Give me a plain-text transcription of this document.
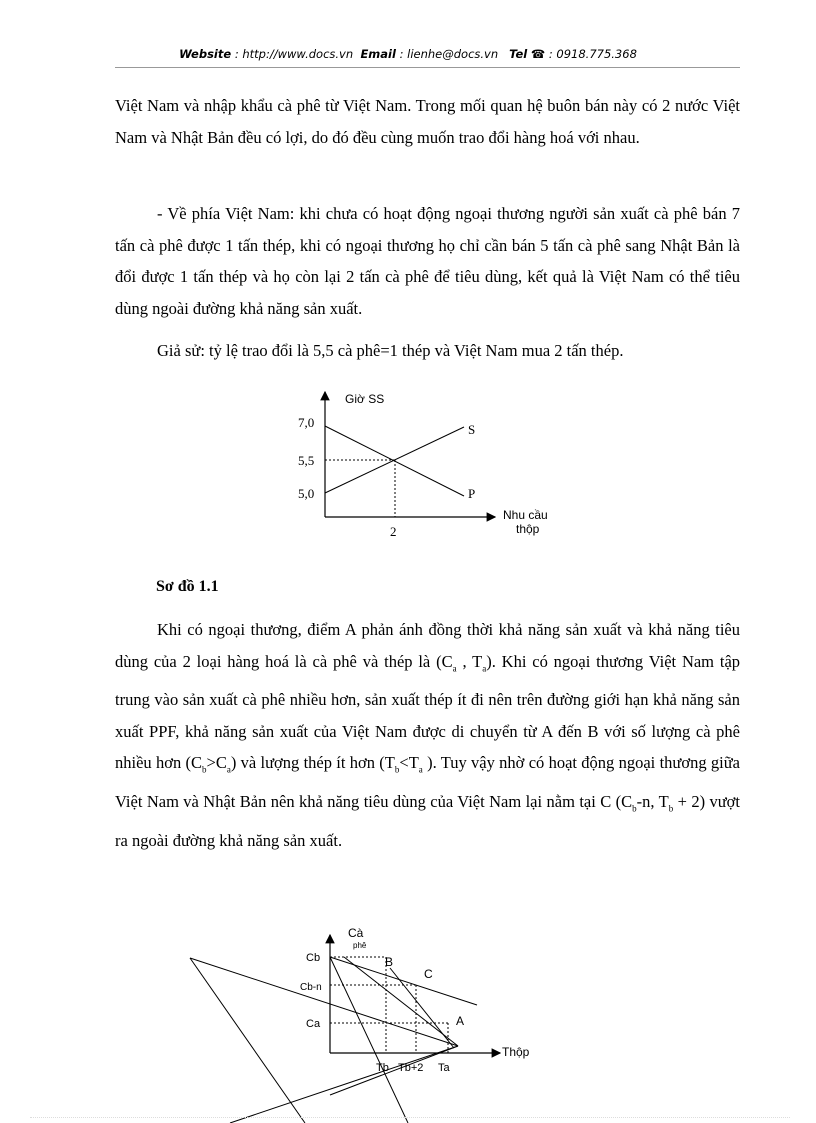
Website : http://www.docs.vn Email : lienhe@docs.vn Tel ☎ : 0918.775.368

Việt Nam và nhập khẩu cà phê từ Việt Nam. Trong mối quan hệ buôn bán này có 2 nước Việt Nam và Nhật Bản đều có lợi, do đó đều cùng muốn trao đổi hàng hoá với nhau.

- Về phía Việt Nam: khi chưa có hoạt động ngoại thương người sản xuất cà phê bán 7 tấn cà phê được 1 tấn thép, khi có ngoại thương họ chỉ cần bán 5 tấn cà phê sang Nhật Bản là đổi được 1 tấn thép và họ còn lại 2 tấn cà phê để tiêu dùng, kết quả là Việt Nam có thể tiêu dùng ngoài đường khả năng sản xuất.

Giả sử: tỷ lệ trao đổi là 5,5 cà phê=1 thép và Việt Nam mua 2 tấn thép.

Giờ SS
7,0
5,5
5,0
2
S
P
Nhu cầu
thộp

Sơ đồ 1.1

Khi có ngoại thương, điểm A phản ánh đồng thời khả năng sản xuất và khả năng tiêu dùng của 2 loại hàng hoá là cà phê và thép là ($C_a$ , $T_a$). Khi có ngoại thương Việt Nam tập trung vào sản xuất cà phê nhiều hơn, sản xuất thép ít đi nên trên đường giới hạn khả năng sản xuất PPF, khả năng sản xuất của Việt Nam được di chuyển từ A đến B với số lượng cà phê nhiều hơn $(C_b>C_a)$ và lượng thép ít hơn ($T_b<T_a$ ). Tuy vậy nhờ có hoạt động ngoại thương giữa Việt Nam và Nhật Bản nên khả năng tiêu dùng của Việt Nam lại nằm tại C ($C_b-n$, $T_b + 2$) vượt ra ngoài đường khả năng sản xuất.

Cà
phê
Cb
Cb-n
Ca
B
C
A
Thộp
Tb Tb+2 Ta
